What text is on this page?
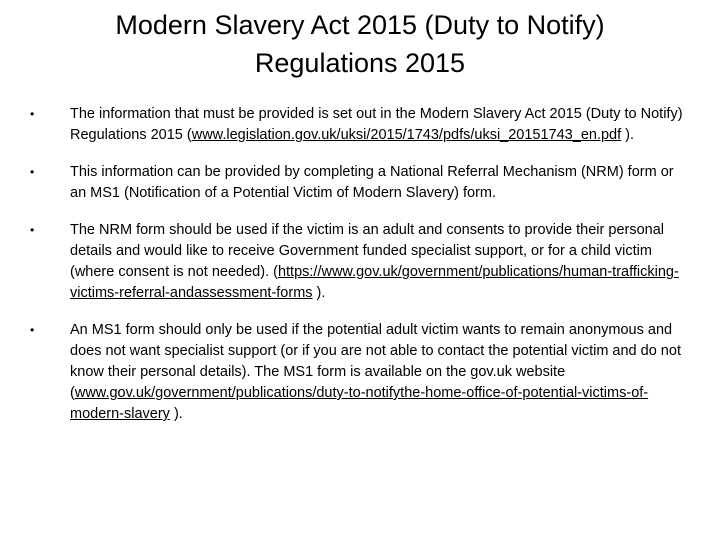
Modern Slavery Act 2015 (Duty to Notify)
Regulations 2015
• The information that must be provided is set out in the Modern Slavery Act 2015 (Duty to Notify) Regulations 2015 (www.legislation.gov.uk/uksi/2015/1743/pdfs/uksi_20151743_en.pdf ).
• This information can be provided by completing a National Referral Mechanism (NRM) form or an MS1 (Notification of a Potential Victim of Modern Slavery) form.
• The NRM form should be used if the victim is an adult and consents to provide their personal details and would like to receive Government funded specialist support, or for a child victim (where consent is not needed). (https://www.gov.uk/government/publications/human-trafficking-victims-referral-andassessment-forms ).
• An MS1 form should only be used if the potential adult victim wants to remain anonymous and does not want specialist support (or if you are not able to contact the potential victim and do not know their personal details). The MS1 form is available on the gov.uk website (www.gov.uk/government/publications/duty-to-notifythe-home-office-of-potential-victims-of-modern-slavery ).
